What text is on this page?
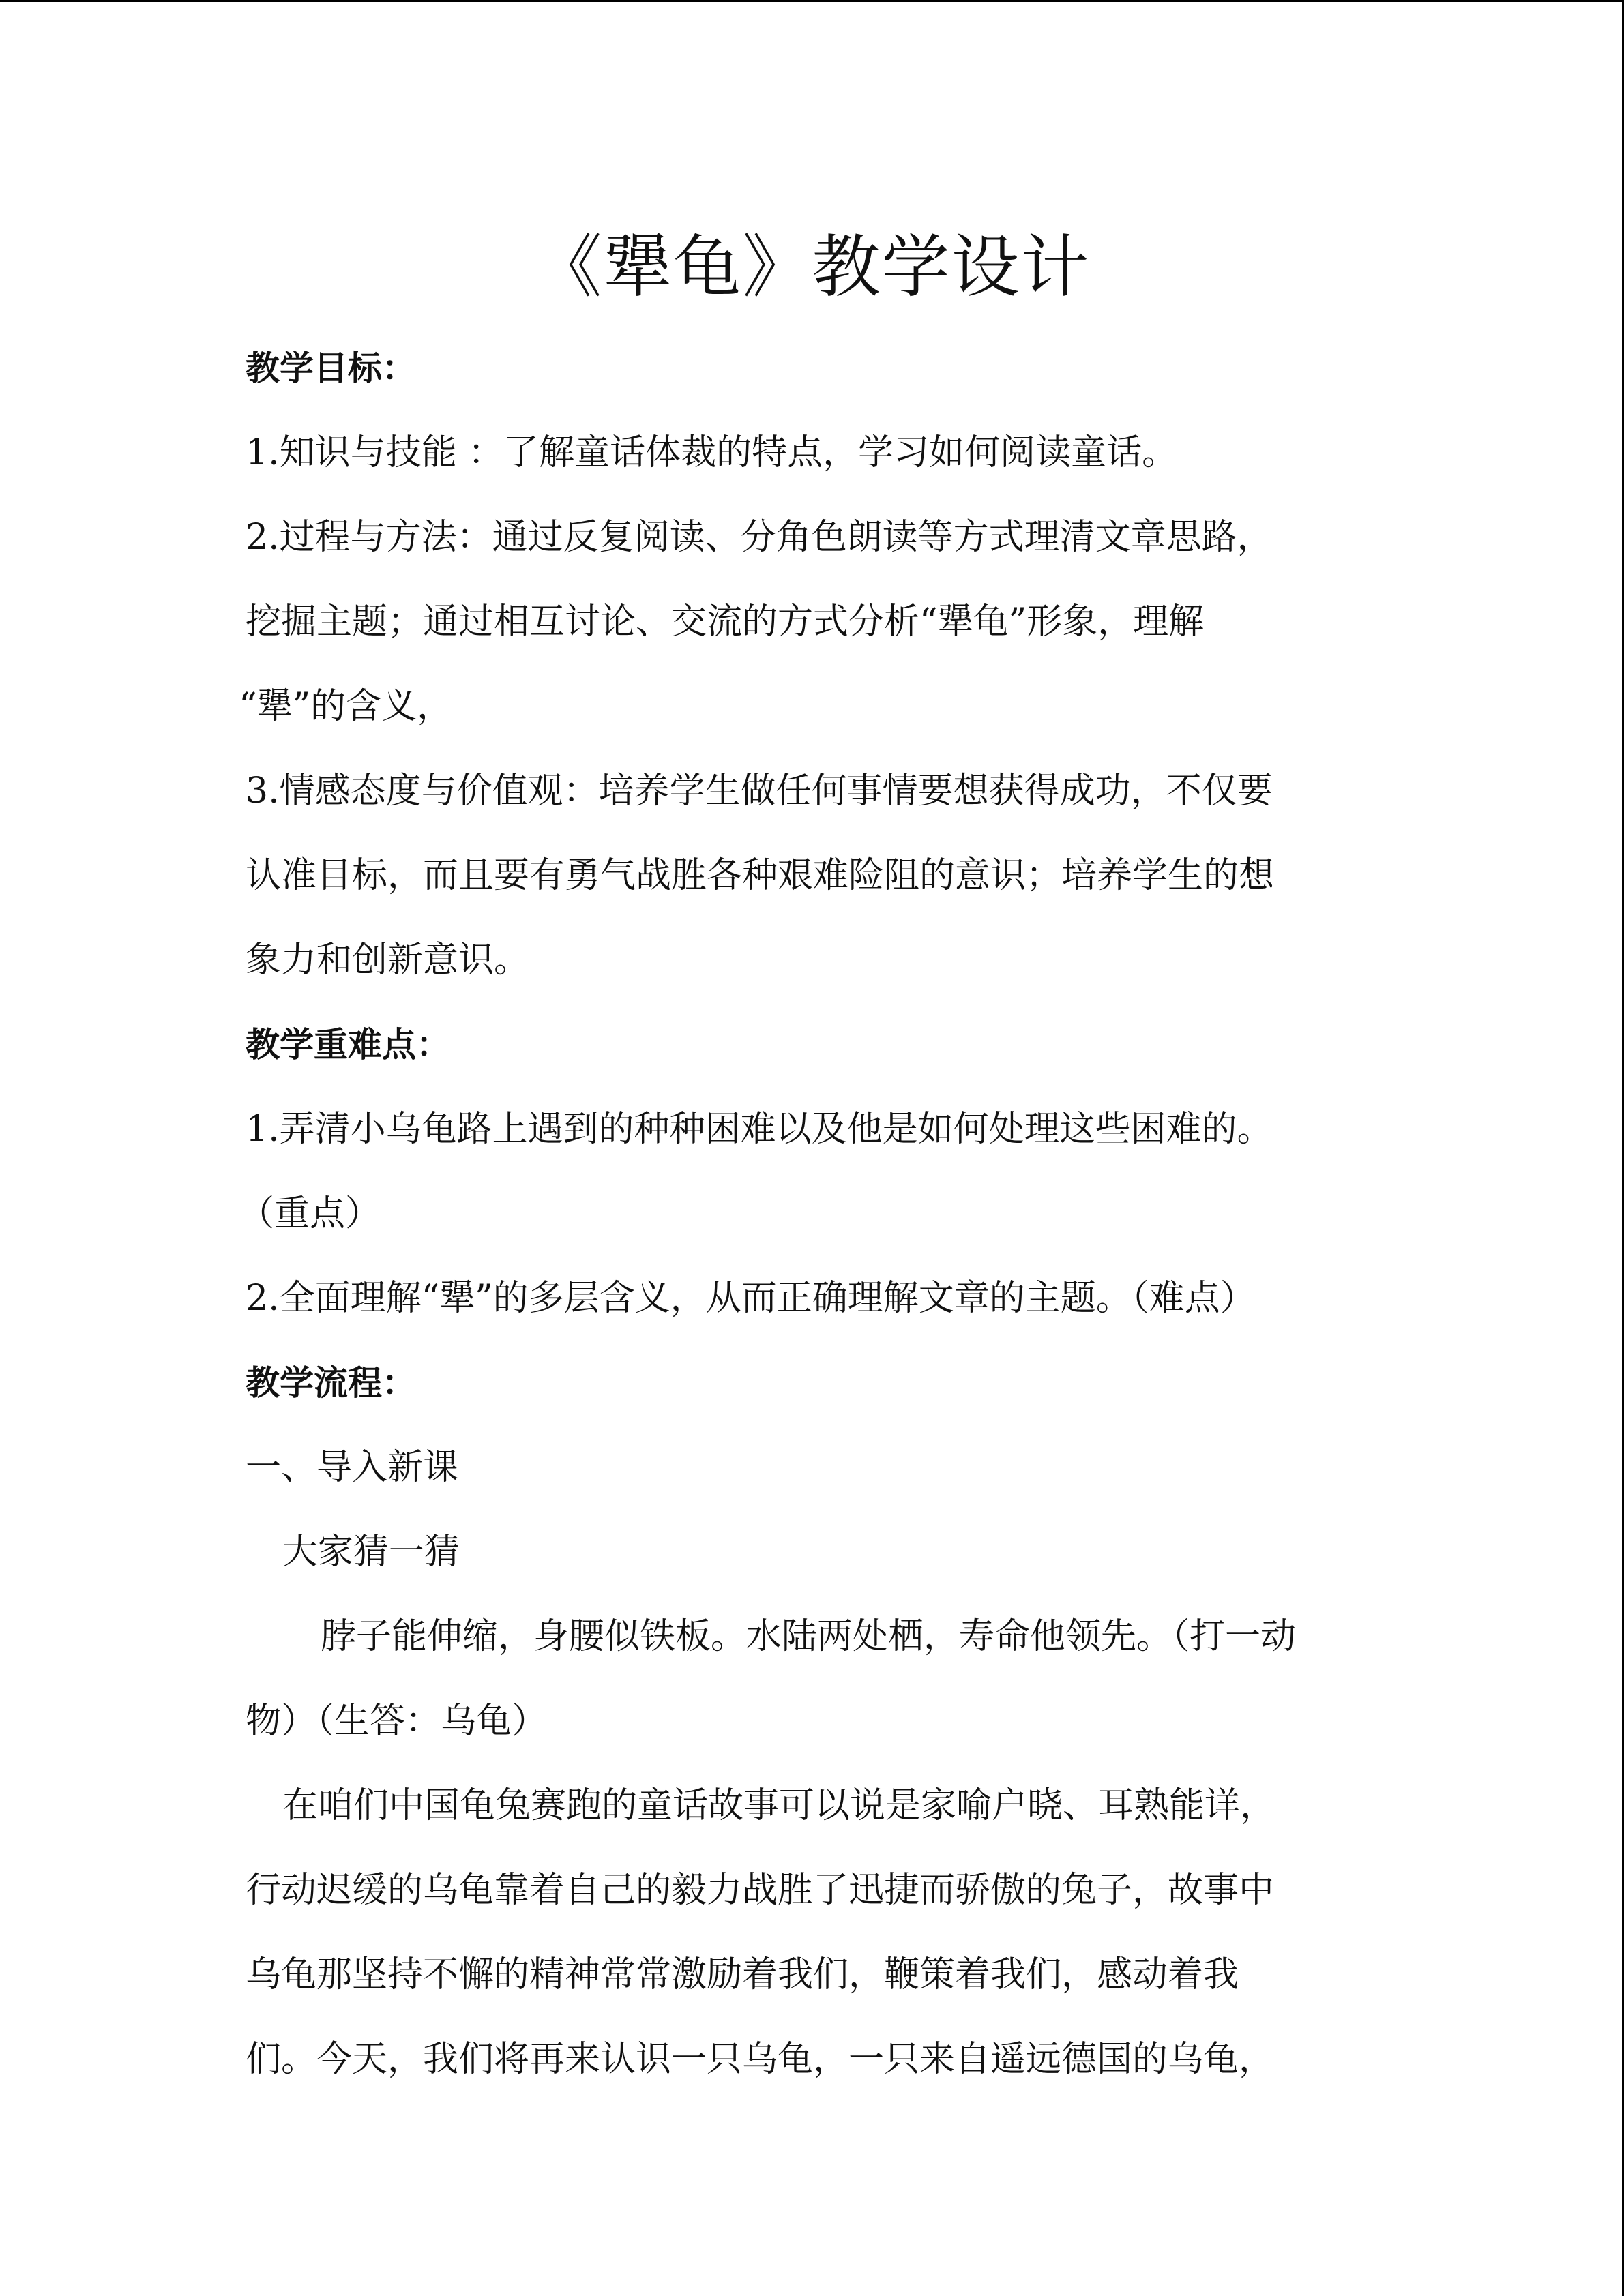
《犟龟》教学设计
教学目标：
1.知识与技能 ：了解童话体裁的特点，学习如何阅读童话。
2.过程与方法：通过反复阅读、分角色朗读等方式理清文章思路，
挖掘主题；通过相互讨论、交流的方式分析“犟龟”形象，理解
“犟”的含义，
3.情感态度与价值观：培养学生做任何事情要想获得成功，不仅要
认准目标，而且要有勇气战胜各种艰难险阻的意识；培养学生的想
象力和创新意识。
教学重难点：
1.弄清小乌龟路上遇到的种种困难以及他是如何处理这些困难的。
（重点）
2.全面理解“犟”的多层含义，从而正确理解文章的主题。（难点）
教学流程：
一、导入新课
大家猜一猜
脖子能伸缩，身腰似铁板。水陆两处栖，寿命他领先。（打一动
物）（生答：乌龟）
在咱们中国龟兔赛跑的童话故事可以说是家喻户晓、耳熟能详，
行动迟缓的乌龟靠着自己的毅力战胜了迅捷而骄傲的兔子，故事中
乌龟那坚持不懈的精神常常激励着我们，鞭策着我们，感动着我
们。今天，我们将再来认识一只乌龟，一只来自遥远德国的乌龟，
